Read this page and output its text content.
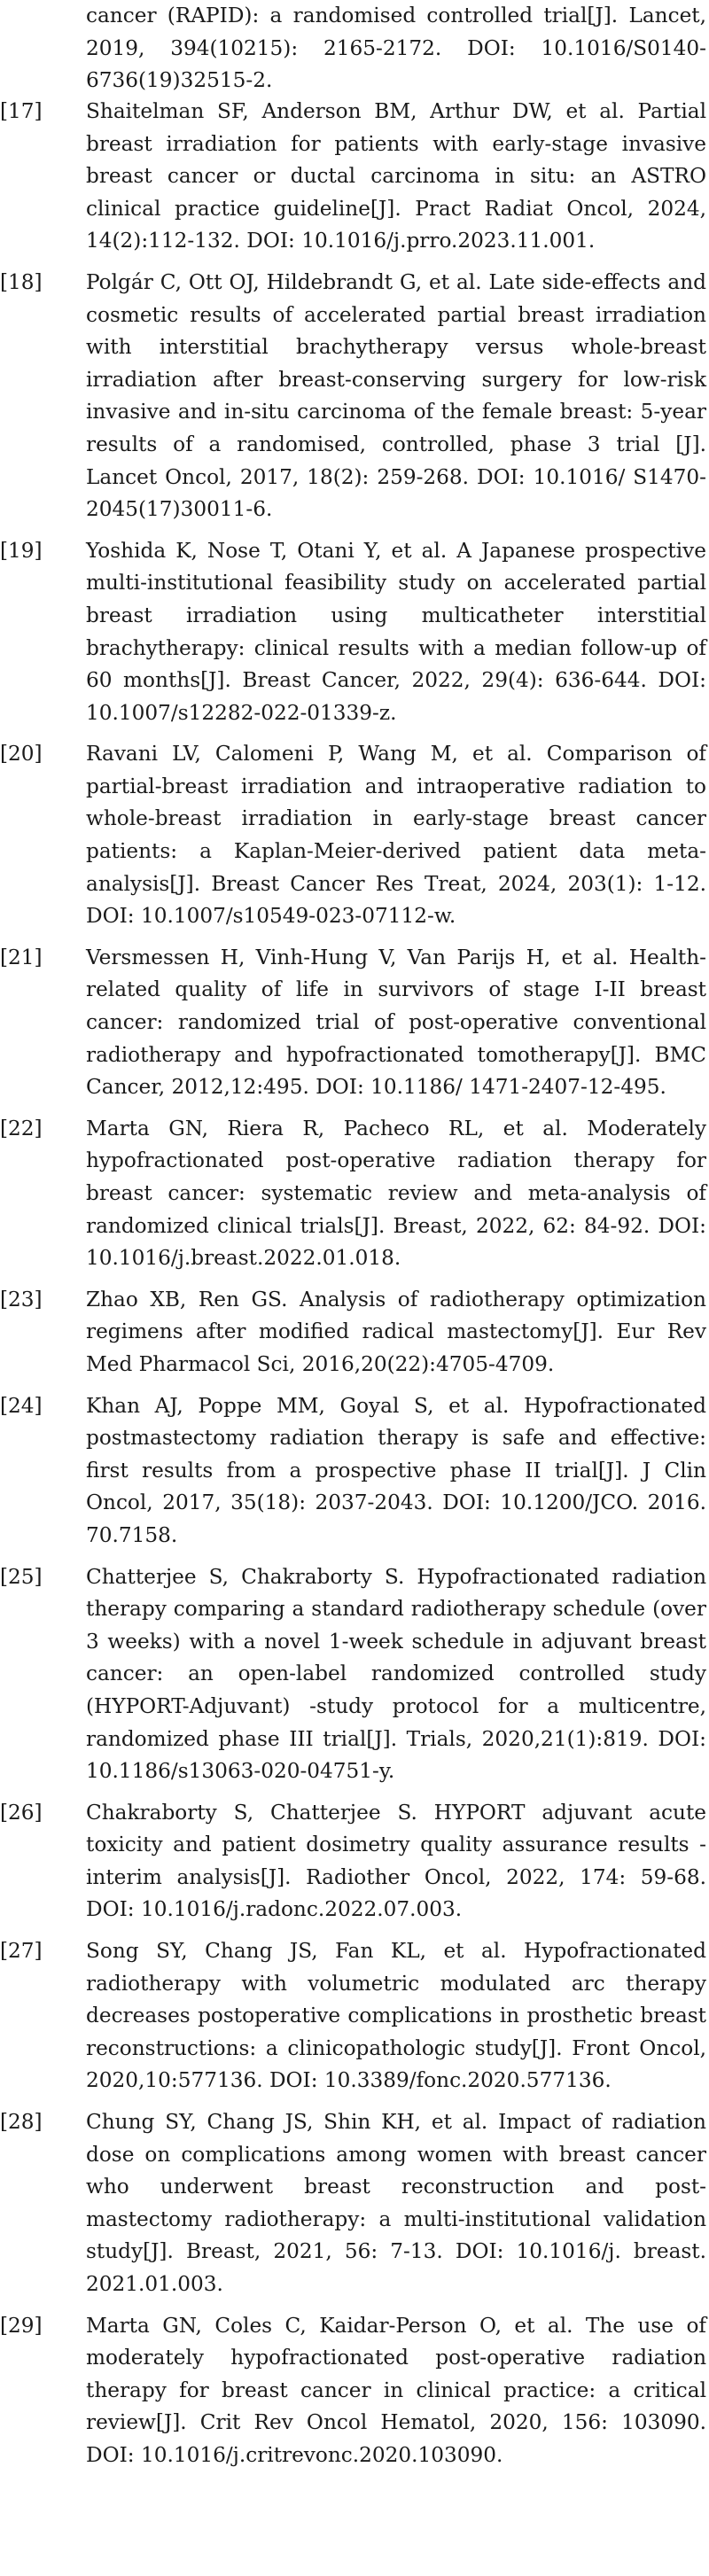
cancer (RAPID): a randomised controlled trial[J]. Lancet, 2019, 394(10215): 2165-2172. DOI: 10.1016/S0140-6736(19)32515-2.

[17]	Shaitelman SF, Anderson BM, Arthur DW, et al. Partial breast irradiation for patients with early-stage invasive breast cancer or ductal carcinoma in situ: an ASTRO clinical practice guideline[J]. Pract Radiat Oncol, 2024, 14(2):112-132. DOI: 10.1016/j.prro.2023.11.001.

[18]	Polgár C, Ott OJ, Hildebrandt G, et al. Late side-effects and cosmetic results of accelerated partial breast irradiation with interstitial brachytherapy versus whole-breast irradiation after breast-conserving surgery for low-risk invasive and in-situ carcinoma of the female breast: 5-year results of a randomised, controlled, phase 3 trial [J]. Lancet Oncol, 2017, 18(2): 259-268. DOI: 10.1016/ S1470-2045(17)30011-6.

[19]	Yoshida K, Nose T, Otani Y, et al. A Japanese prospective multi-institutional feasibility study on accelerated partial breast irradiation using multicatheter interstitial brachytherapy: clinical results with a median follow-up of 60 months[J]. Breast Cancer, 2022, 29(4): 636-644. DOI: 10.1007/s12282-022-01339-z.

[20]	Ravani LV, Calomeni P, Wang M, et al. Comparison of partial-breast irradiation and intraoperative radiation to whole-breast irradiation in early-stage breast cancer patients: a Kaplan-Meier-derived patient data meta-analysis[J]. Breast Cancer Res Treat, 2024, 203(1): 1-12. DOI: 10.1007/s10549-023-07112-w.

[21]	Versmessen H, Vinh-Hung V, Van Parijs H, et al. Health-related quality of life in survivors of stage I-II breast cancer: randomized trial of post-operative conventional radiotherapy and hypofractionated tomotherapy[J]. BMC Cancer, 2012,12:495. DOI: 10.1186/ 1471-2407-12-495.

[22]	Marta GN, Riera R, Pacheco RL, et al. Moderately hypofractionated post-operative radiation therapy for breast cancer: systematic review and meta-analysis of randomized clinical trials[J]. Breast, 2022, 62: 84-92. DOI: 10.1016/j.breast.2022.01.018.

[23]	Zhao XB, Ren GS. Analysis of radiotherapy optimization regimens after modified radical mastectomy[J]. Eur Rev Med Pharmacol Sci, 2016,20(22):4705-4709.

[24]	Khan AJ, Poppe MM, Goyal S, et al. Hypofractionated postmastectomy radiation therapy is safe and effective: first results from a prospective phase II trial[J]. J Clin Oncol, 2017, 35(18): 2037-2043. DOI: 10.1200/JCO. 2016. 70.7158.

[25]	Chatterjee S, Chakraborty S. Hypofractionated radiation therapy comparing a standard radiotherapy schedule (over 3 weeks) with a novel 1-week schedule in adjuvant breast cancer: an open-label randomized controlled study (HYPORT-Adjuvant) -study protocol for a multicentre, randomized phase III trial[J]. Trials, 2020,21(1):819. DOI: 10.1186/s13063-020-04751-y.

[26]	Chakraborty S, Chatterjee S. HYPORT adjuvant acute toxicity and patient dosimetry quality assurance results - interim analysis[J]. Radiother Oncol, 2022, 174: 59-68. DOI: 10.1016/j.radonc.2022.07.003.

[27]	Song SY, Chang JS, Fan KL, et al. Hypofractionated radiotherapy with volumetric modulated arc therapy decreases postoperative complications in prosthetic breast reconstructions: a clinicopathologic study[J]. Front Oncol, 2020,10:577136. DOI: 10.3389/fonc.2020.577136.

[28]	Chung SY, Chang JS, Shin KH, et al. Impact of radiation dose on complications among women with breast cancer who underwent breast reconstruction and post-mastectomy radiotherapy: a multi-institutional validation study[J]. Breast, 2021, 56: 7-13. DOI: 10.1016/j. breast. 2021.01.003.

[29]	Marta GN, Coles C, Kaidar-Person O, et al. The use of moderately hypofractionated post-operative radiation therapy for breast cancer in clinical practice: a critical review[J]. Crit Rev Oncol Hematol, 2020, 156: 103090. DOI: 10.1016/j.critrevonc.2020.103090.
